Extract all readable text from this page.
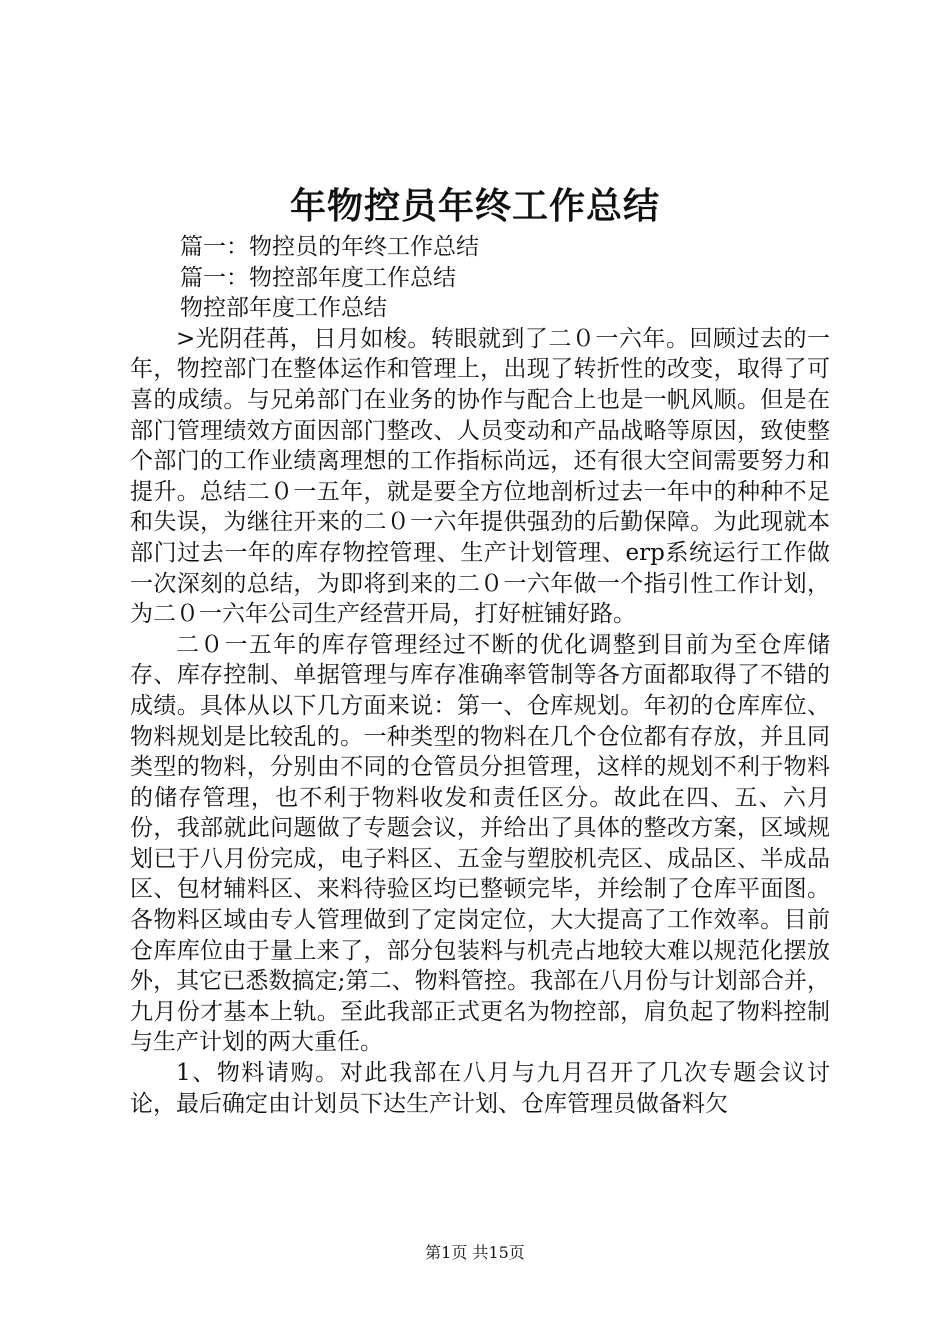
年物控员年终工作总结

篇一：物控员的年终工作总结

篇一：物控部年度工作总结

物控部年度工作总结

>光阴荏苒，日月如梭。转眼就到了二０一六年。回顾过去的一年，物控部门在整体运作和管理上，出现了转折性的改变，取得了可喜的成绩。与兄弟部门在业务的协作与配合上也是一帆风顺。但是在部门管理绩效方面因部门整改、人员变动和产品战略等原因，致使整个部门的工作业绩离理想的工作指标尚远，还有很大空间需要努力和提升。总结二０一五年，就是要全方位地剖析过去一年中的种种不足和失误，为继往开来的二０一六年提供强劲的后勤保障。为此现就本部门过去一年的库存物控管理、生产计划管理、erp系统运行工作做一次深刻的总结，为即将到来的二０一六年做一个指引性工作计划，为二０一六年公司生产经营开局，打好桩铺好路。

二０一五年的库存管理经过不断的优化调整到目前为至仓库储存、库存控制、单据管理与库存准确率管制等各方面都取得了不错的成绩。具体从以下几方面来说：第一、仓库规划。年初的仓库库位、物料规划是比较乱的。一种类型的物料在几个仓位都有存放，并且同类型的物料，分别由不同的仓管员分担管理，这样的规划不利于物料的储存管理，也不利于物料收发和责任区分。故此在四、五、六月份，我部就此问题做了专题会议，并给出了具体的整改方案，区域规划已于八月份完成，电子料区、五金与塑胶机壳区、成品区、半成品区、包材辅料区、来料待验区均已整顿完毕，并绘制了仓库平面图。各物料区域由专人管理做到了定岗定位，大大提高了工作效率。目前仓库库位由于量上来了，部分包装料与机壳占地较大难以规范化摆放外，其它已悉数搞定;第二、物料管控。我部在八月份与计划部合并，九月份才基本上轨。至此我部正式更名为物控部，肩负起了物料控制与生产计划的两大重任。

1、物料请购。对此我部在八月与九月召开了几次专题会议讨论，最后确定由计划员下达生产计划、仓库管理员做备料欠

第1页 共15页
